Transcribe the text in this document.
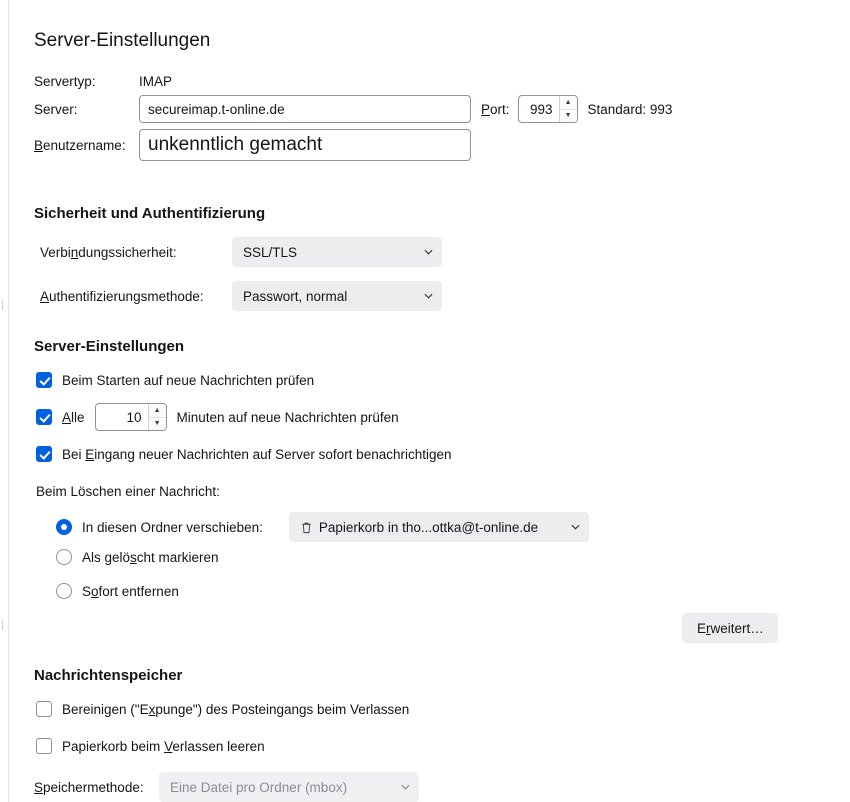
Server-Einstellungen
Servertyp:	IMAP
Server:
secureimap.t-online.de	Port:
993	▲
▼	Standard: 993
Benutzername:
unkenntlich gemacht
Sicherheit und Authentifizierung
Verbindungssicherheit:	SSL/TLS
Authentifizierungsmethode:	Passwort, normal
Server-Einstellungen
Beim Starten auf neue Nachrichten prüfen
Alle
10	▲
▼	Minuten auf neue Nachrichten prüfen
Bei Eingang neuer Nachrichten auf Server sofort benachrichtigen
Beim Löschen einer Nachricht:
In diesen Ordner verschieben:	Papierkorb in tho...ottka@t-online.de
Als gelöscht markieren
Sofort entfernen
Erweitert…
Nachrichtenspeicher
Bereinigen ("Expunge") des Posteingangs beim Verlassen
Papierkorb beim Verlassen leeren
Speichermethode:	Eine Datei pro Ordner (mbox)
